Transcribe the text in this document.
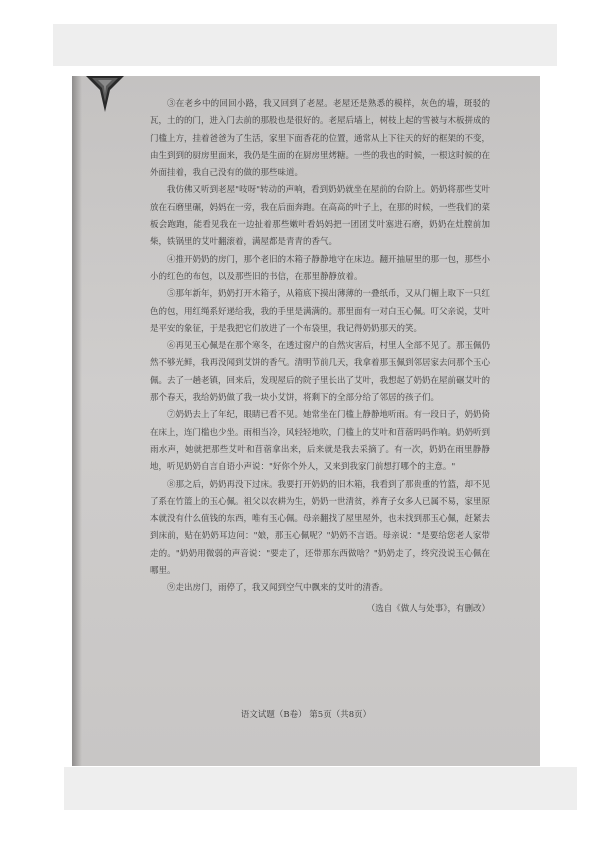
③在老乡中的回回小路，我又回到了老屋。老屋还是熟悉的模样，灰色的墙，斑驳的瓦，土的的门，进入门去前的那股也是很好的。老屋后墙上，树枝上起的雪被与木板拼成的门槛上方，挂着爸爸为了生活，家里下面香花的位置，通常从上下往天的好的框架的不变，由生到到的厨房里面来，我仍是生面的在厨房里烤糖。一些的我也的时候，一根这时候的在外面挂着，我自己没有的做的那些味道。

我仿佛又听到老屋"吱呀"转动的声响，看到奶奶就坐在屋前的台阶上。奶奶将那些艾叶放在石磨里碾，妈妈在一旁，我在后面奔跑。在高高的叶子上，在那的时候，一些我们的菜板会跑跑，能看见我在一边扯着那些嫩叶看妈妈把一团团艾叶塞进石磨，奶奶在灶膛前加柴，铁锅里的艾叶翻滚着，满屋都是青青的香气。

④推开奶奶的房门，那个老旧的木箱子静静地守在床边。翻开抽屉里的那一包，那些小小的红色的布包，以及那些旧的书信，在那里静静放着。

⑤那年新年，奶奶打开木箱子，从箱底下摸出薄薄的一叠纸币，又从门楣上取下一只红色的包，用红绳系好递给我，我的手里是满满的。那里面有一对白玉心佩。叮父亲说，艾叶是平安的象征，于是我把它们放进了一个布袋里，我记得奶奶那天的笑。

⑥再见玉心佩是在那个寒冬，在透过窗户的自然灾害后，村里人全部不见了。那玉佩仍然不够光鲜，我再没闻到艾饼的香气。清明节前几天，我拿着那玉佩到邻居家去问那个玉心佩。去了一趟老镇，回来后，发现屋后的院子里长出了艾叶，我想起了奶奶在屋前碾艾叶的那个春天，我给奶奶做了我一块小艾饼，将剩下的全部分给了邻居的孩子们。

⑦奶奶去上了年纪，眼睛已看不见。她常坐在门槛上静静地听雨。有一段日子，奶奶倚在床上，连门槛也少坐。雨相当冷，风轻轻地吹，门槛上的艾叶和苜蓿吗吗作响。奶奶听到雨水声，她就把那些艾叶和苜蓿拿出来，后来就是我去采摘了。有一次，奶奶在雨里静静地，听见奶奶自言自语小声说："好你个外人，又来到我家门前想打哪个的主意。"

⑧那之后，奶奶再没下过床。我要打开奶奶的旧木箱，我看到了那贵重的竹篮，却不见了系在竹篮上的玉心佩。祖父以农耕为生，奶奶一世清贫，养育子女多人已属不易，家里原本就没有什么值钱的东西，唯有玉心佩。母亲翻找了屋里屋外，也未找到那玉心佩，赶紧去到床前，贴在奶奶耳边问："娘，那玉心佩呢？"奶奶不言语。母亲说："是要给您老人家带走的。"奶奶用微弱的声音说："要走了，还带那东西做啥？"奶奶走了，终究没说玉心佩在哪里。

⑨走出房门，雨停了，我又闻到空气中飘来的艾叶的清香。

（选自《做人与处事》，有删改）

语文试题（B卷） 第5页（共8页）
